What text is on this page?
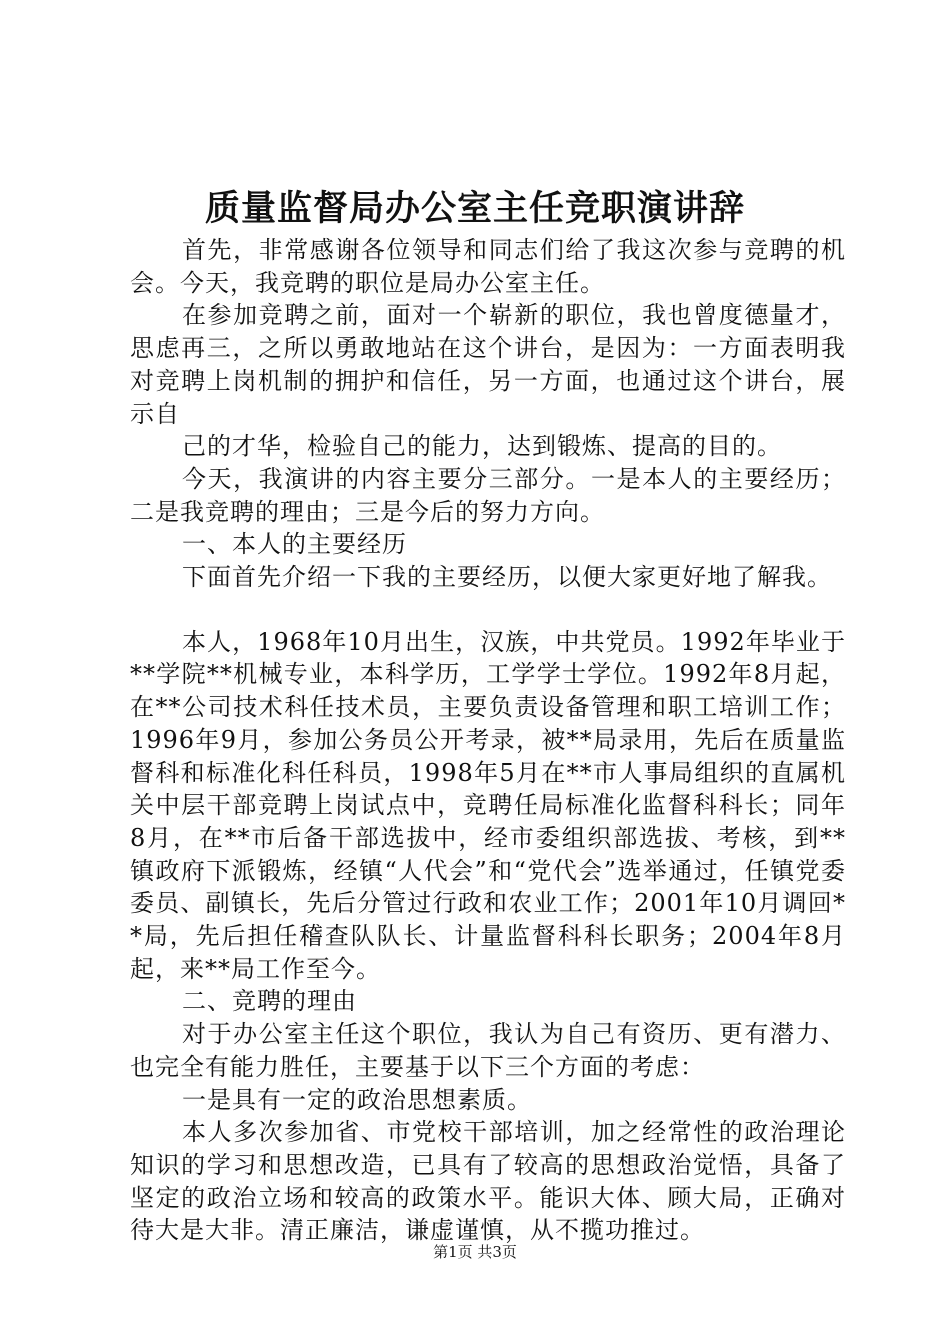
质量监督局办公室主任竞职演讲辞

首先，非常感谢各位领导和同志们给了我这次参与竞聘的机会。今天，我竞聘的职位是局办公室主任。

在参加竞聘之前，面对一个崭新的职位，我也曾度德量才，思虑再三，之所以勇敢地站在这个讲台，是因为：一方面表明我对竞聘上岗机制的拥护和信任，另一方面，也通过这个讲台，展示自

己的才华，检验自己的能力，达到锻炼、提高的目的。

今天，我演讲的内容主要分三部分。一是本人的主要经历；二是我竞聘的理由；三是今后的努力方向。

一、本人的主要经历

下面首先介绍一下我的主要经历，以便大家更好地了解我。

本人，1968年10月出生，汉族，中共党员。1992年毕业于**学院**机械专业，本科学历，工学学士学位。1992年8月起，在**公司技术科任技术员，主要负责设备管理和职工培训工作；1996年9月，参加公务员公开考录，被**局录用，先后在质量监督科和标准化科任科员，1998年5月在**市人事局组织的直属机关中层干部竞聘上岗试点中，竞聘任局标准化监督科科长；同年8月，在**市后备干部选拔中，经市委组织部选拔、考核，到**镇政府下派锻炼，经镇“人代会”和“党代会”选举通过，任镇党委委员、副镇长，先后分管过行政和农业工作；2001年10月调回**局，先后担任稽查队队长、计量监督科科长职务；2004年8月起，来**局工作至今。

二、竞聘的理由

对于办公室主任这个职位，我认为自己有资历、更有潜力、也完全有能力胜任，主要基于以下三个方面的考虑：

一是具有一定的政治思想素质。

本人多次参加省、市党校干部培训，加之经常性的政治理论知识的学习和思想改造，已具有了较高的思想政治觉悟，具备了坚定的政治立场和较高的政策水平。能识大体、顾大局，正确对待大是大非。清正廉洁，谦虚谨慎，从不揽功推过。

第1页 共3页
